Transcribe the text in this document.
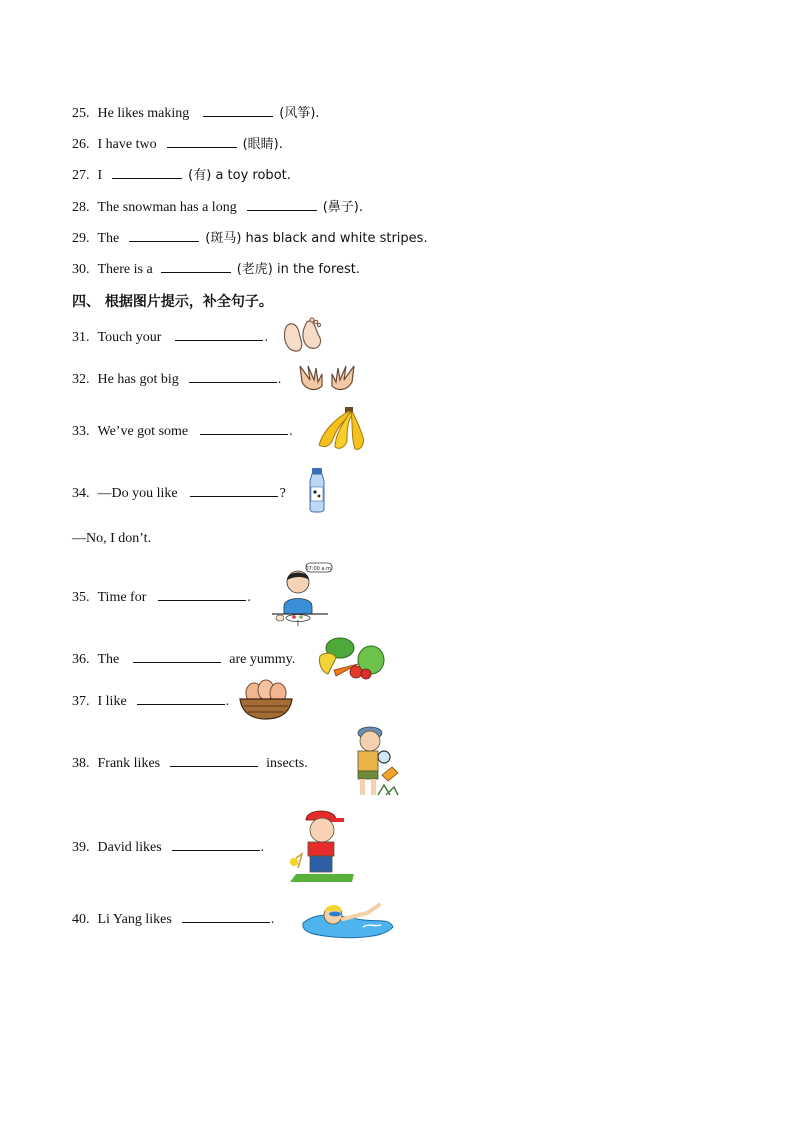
25. He likes making	(风筝).
26. I have two	(眼睛).
27. I	(有) a toy robot.
28. The snowman has a long	(鼻子).
29. The	(斑马) has black and white stripes.
30. There is a	(老虎) in the forest.
四、 根据图片提示，补全句子。
31. Touch your	.
32. He has got big	.
33. We’ve got some	.
34. —Do you like	?
—No, I don’t.
35. Time for	.
36. The	are yummy.
37. I like	.
38. Frank likes	insects.
39. David likes	.
40. Li Yang likes	.
07:00 a.m.
